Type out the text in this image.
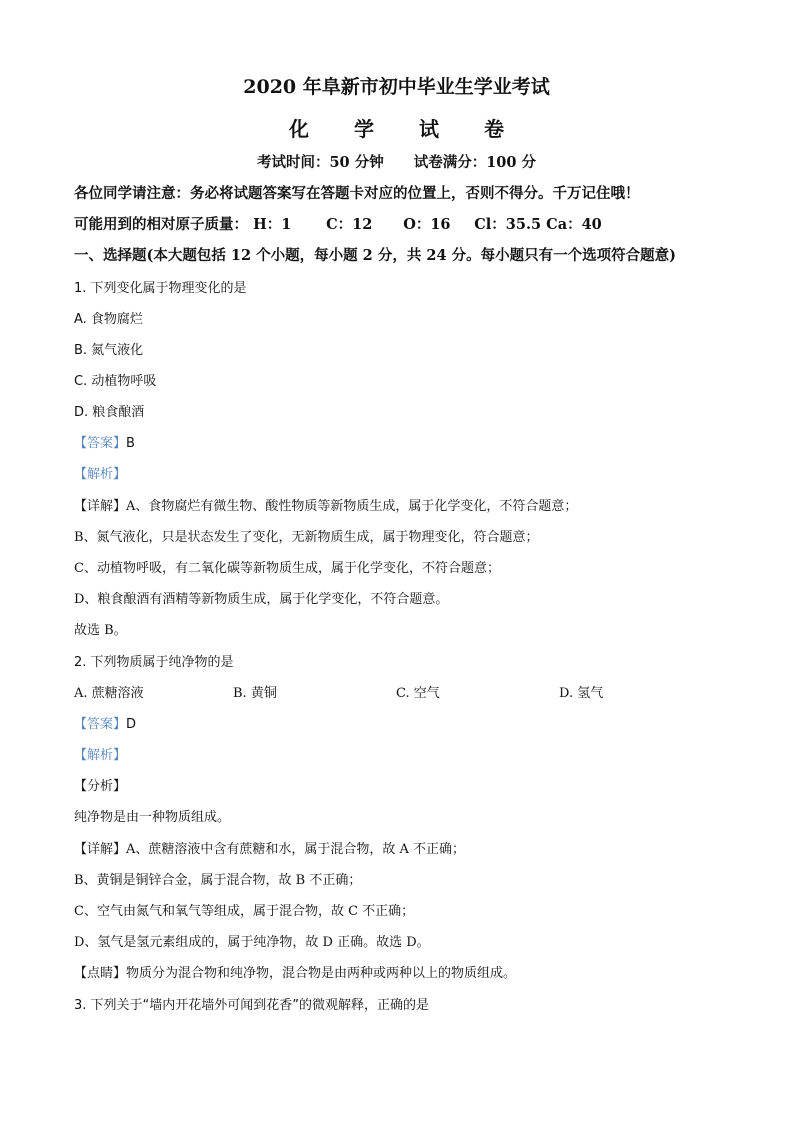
2020 年阜新市初中毕业生学业考试
化 学 试 卷
考试时间：50 分钟 试卷满分：100 分
各位同学请注意：务必将试题答案写在答题卡对应的位置上，否则不得分。千万记住哦！
可能用到的相对原子质量： H：1 C：12 O：16 Cl：35.5 Ca：40
一、选择题(本大题包括 12 个小题，每小题 2 分，共 24 分。每小题只有一个选项符合题意)
1. 下列变化属于物理变化的是
A. 食物腐烂
B. 氮气液化
C. 动植物呼吸
D. 粮食酿酒
【答案】B
【解析】
【详解】A、食物腐烂有微生物、酸性物质等新物质生成，属于化学变化，不符合题意；
B、氮气液化，只是状态发生了变化，无新物质生成，属于物理变化，符合题意；
C、动植物呼吸，有二氧化碳等新物质生成，属于化学变化，不符合题意；
D、粮食酿酒有酒精等新物质生成，属于化学变化，不符合题意。
故选 B。
2. 下列物质属于纯净物的是
A. 蔗糖溶液	B. 黄铜	C. 空气	D. 氢气
【答案】D
【解析】
【分析】
纯净物是由一种物质组成。
【详解】A、蔗糖溶液中含有蔗糖和水，属于混合物，故 A 不正确；
B、黄铜是铜锌合金，属于混合物，故 B 不正确；
C、空气由氮气和氧气等组成，属于混合物，故 C 不正确；
D、氢气是氢元素组成的，属于纯净物，故 D 正确。故选 D。
【点睛】物质分为混合物和纯净物，混合物是由两种或两种以上的物质组成。
3. 下列关于“墙内开花墙外可闻到花香”的微观解释，正确的是
